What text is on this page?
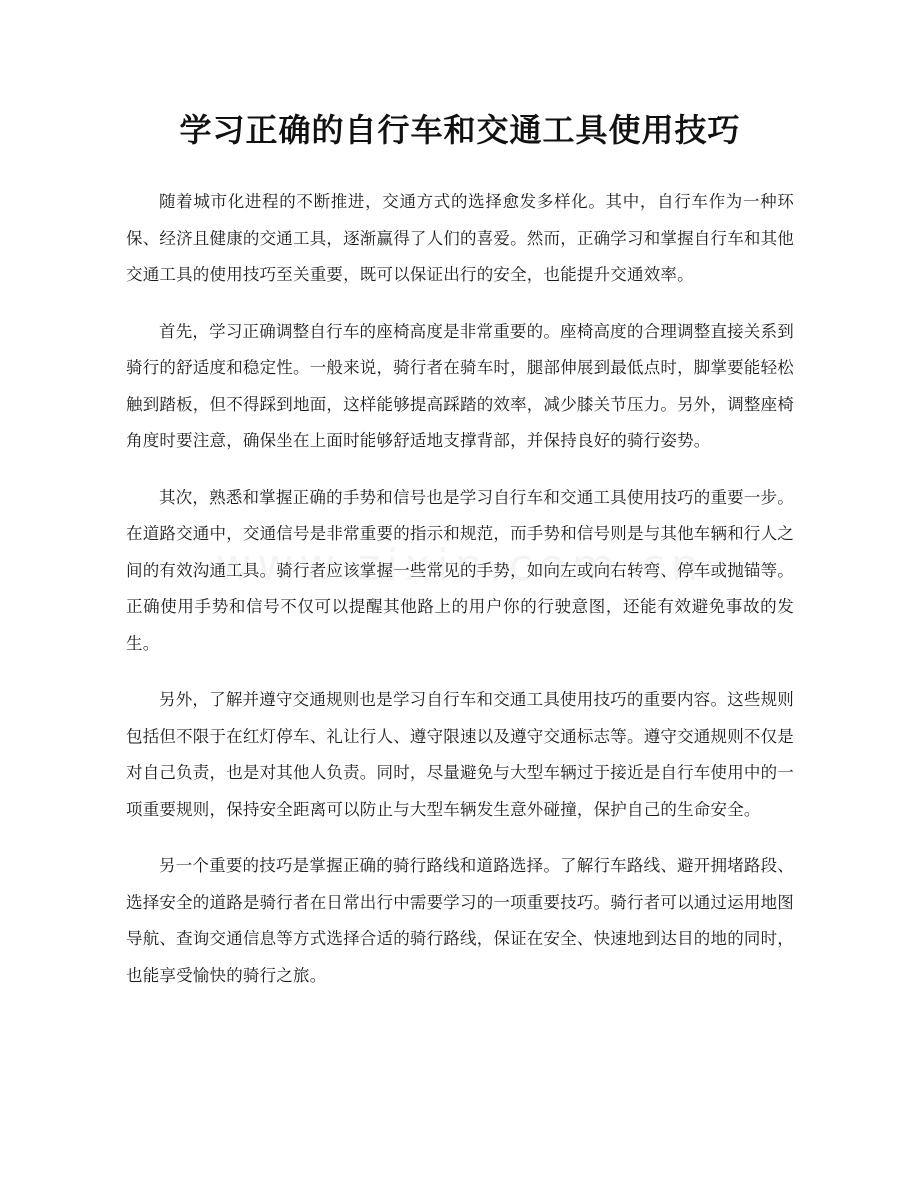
学习正确的自行车和交通工具使用技巧

随着城市化进程的不断推进，交通方式的选择愈发多样化。其中，自行车作为一种环保、经济且健康的交通工具，逐渐赢得了人们的喜爱。然而，正确学习和掌握自行车和其他交通工具的使用技巧至关重要，既可以保证出行的安全，也能提升交通效率。

首先，学习正确调整自行车的座椅高度是非常重要的。座椅高度的合理调整直接关系到骑行的舒适度和稳定性。一般来说，骑行者在骑车时，腿部伸展到最低点时，脚掌要能轻松触到踏板，但不得踩到地面，这样能够提高踩踏的效率，减少膝关节压力。另外，调整座椅角度时要注意，确保坐在上面时能够舒适地支撑背部，并保持良好的骑行姿势。

其次，熟悉和掌握正确的手势和信号也是学习自行车和交通工具使用技巧的重要一步。在道路交通中，交通信号是非常重要的指示和规范，而手势和信号则是与其他车辆和行人之间的有效沟通工具。骑行者应该掌握一些常见的手势，如向左或向右转弯、停车或抛锚等。正确使用手势和信号不仅可以提醒其他路上的用户你的行驶意图，还能有效避免事故的发生。

另外，了解并遵守交通规则也是学习自行车和交通工具使用技巧的重要内容。这些规则包括但不限于在红灯停车、礼让行人、遵守限速以及遵守交通标志等。遵守交通规则不仅是对自己负责，也是对其他人负责。同时，尽量避免与大型车辆过于接近是自行车使用中的一项重要规则，保持安全距离可以防止与大型车辆发生意外碰撞，保护自己的生命安全。

另一个重要的技巧是掌握正确的骑行路线和道路选择。了解行车路线、避开拥堵路段、选择安全的道路是骑行者在日常出行中需要学习的一项重要技巧。骑行者可以通过运用地图导航、查询交通信息等方式选择合适的骑行路线，保证在安全、快速地到达目的地的同时，也能享受愉快的骑行之旅。
